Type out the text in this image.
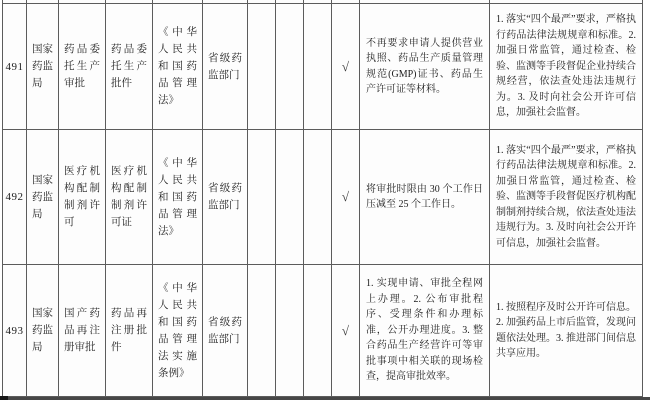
491
国家药监局
药品委托生产审批
药品委托生产批件
《中华人民共和国药品管理法》
省级药监部门
√
不再要求申请人提供营业执照、药品生产质量管理规范(GMP)证书、药品生产许可证等材料。
1. 落实“四个最严”要求，严格执行药品法律法规规章和标准。2. 加强日常监管，通过检查、检验、监测等手段督促企业持续合规经营，依法查处违法违规行为。3. 及时向社会公开许可信息，加强社会监督。
492
国家药监局
医疗机构配制制剂许可
医疗机构配制制剂许可证
《中华人民共和国药品管理法》
省级药监部门
√ 将审批时限由 30 个工作日压减至 25 个工作日。
1. 落实“四个最严”要求，严格执行药品法律法规规章和标准。2. 加强日常监管，通过检查、检验、监测等手段督促医疗机构配制制剂持续合规，依法查处违法违规行为。3. 及时向社会公开许可信息，加强社会监督。
493
国家药监局
国产药品再注册审批
药品再注册批件
《中华人民共和国药品管理法实施条例》
省级药监部门
√
1. 实现申请、审批全程网上办理。2. 公布审批程序、受理条件和办理标准，公开办理进度。3. 整合药品生产经营许可等审批事项中相关联的现场检查，提高审批效率。
1. 按照程序及时公开许可信息。2. 加强药品上市后监管，发现问题依法处理。3. 推进部门间信息共享应用。
